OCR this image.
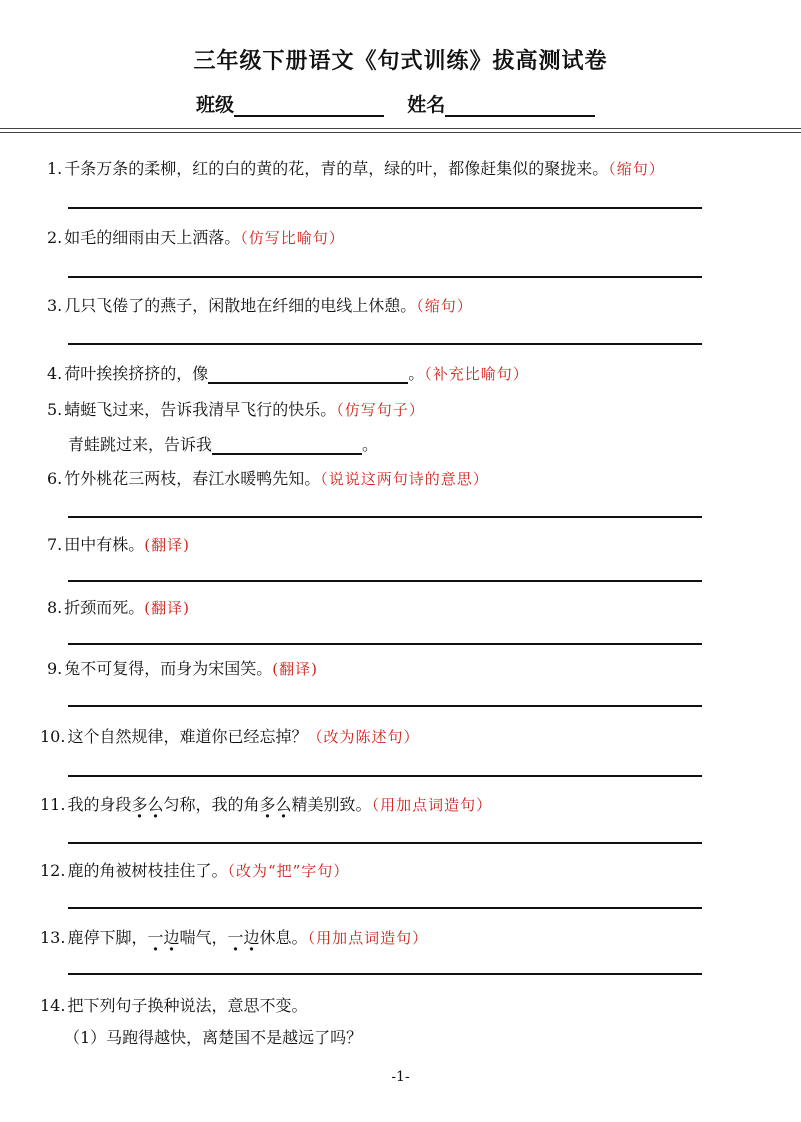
三年级下册语文《句式训练》拔高测试卷
班级	姓名
1. 千条万条的柔柳，红的白的黄的花，青的草，绿的叶，都像赶集似的聚拢来。（缩句）
2. 如毛的细雨由天上洒落。（仿写比喻句）
3. 几只飞倦了的燕子，闲散地在纤细的电线上休憩。（缩句）
4. 荷叶挨挨挤挤的，像	。（补充比喻句）
5. 蜻蜓飞过来，告诉我清早飞行的快乐。（仿写句子）
青蛙跳过来，告诉我	。
6. 竹外桃花三两枝，春江水暖鸭先知。（说说这两句诗的意思）
7. 田中有株。(翻译)
8. 折颈而死。(翻译)
9. 兔不可复得，而身为宋国笑。(翻译)
10. 这个自然规律，难道你已经忘掉？（改为陈述句）
11. 我的身段多么匀称，我的角多么精美别致。（用加点词造句）
12. 鹿的角被树枝挂住了。（改为“把”字句）
13. 鹿停下脚，一边喘气，一边休息。（用加点词造句）
14. 把下列句子换种说法，意思不变。
（1）马跑得越快，离楚国不是越远了吗？
-1-
